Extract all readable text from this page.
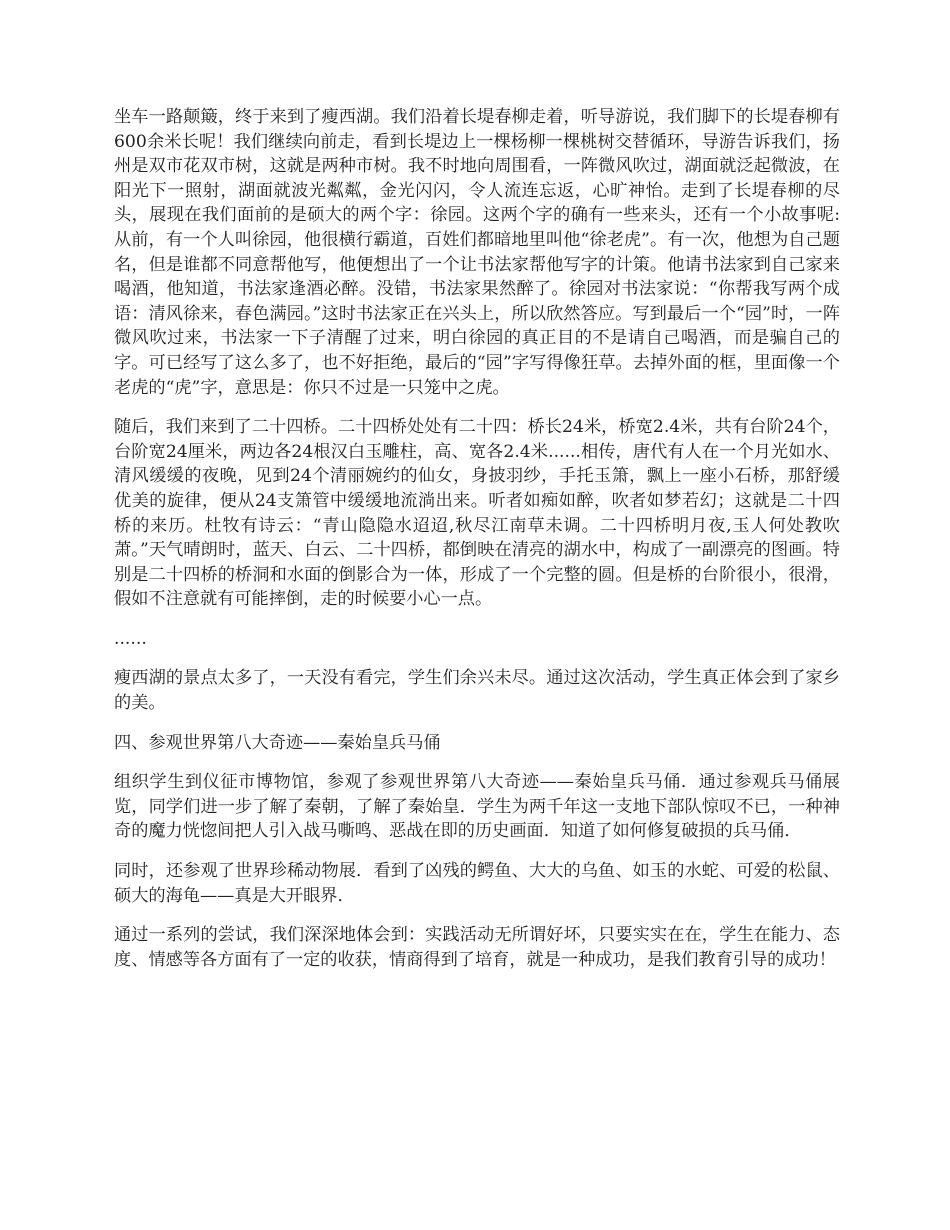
坐车一路颠簸，终于来到了瘦西湖。我们沿着长堤春柳走着，听导游说，我们脚下的长堤春柳有600余米长呢！我们继续向前走，看到长堤边上一棵杨柳一棵桃树交替循环，导游告诉我们，扬州是双市花双市树，这就是两种市树。我不时地向周围看，一阵微风吹过，湖面就泛起微波，在阳光下一照射，湖面就波光粼粼，金光闪闪，令人流连忘返，心旷神怡。走到了长堤春柳的尽头，展现在我们面前的是硕大的两个字：徐园。这两个字的确有一些来头，还有一个小故事呢:从前，有一个人叫徐园，他很横行霸道，百姓们都暗地里叫他“徐老虎”。有一次，他想为自己题名，但是谁都不同意帮他写，他便想出了一个让书法家帮他写字的计策。他请书法家到自己家来喝酒，他知道，书法家逢酒必醉。没错，书法家果然醉了。徐园对书法家说：“你帮我写两个成语：清风徐来，春色满园。”这时书法家正在兴头上，所以欣然答应。写到最后一个“园”时，一阵微风吹过来，书法家一下子清醒了过来，明白徐园的真正目的不是请自己喝酒，而是骗自己的字。可已经写了这么多了，也不好拒绝，最后的“园”字写得像狂草。去掉外面的框，里面像一个老虎的“虎”字，意思是：你只不过是一只笼中之虎。

随后，我们来到了二十四桥。二十四桥处处有二十四：桥长24米，桥宽2.4米，共有台阶24个，台阶宽24厘米，两边各24根汉白玉雕柱，高、宽各2.4米......相传，唐代有人在一个月光如水、清风缓缓的夜晚，见到24个清丽婉约的仙女，身披羽纱，手托玉箫，飘上一座小石桥，那舒缓优美的旋律，便从24支箫管中缓缓地流淌出来。听者如痴如醉，吹者如梦若幻；这就是二十四桥的来历。杜牧有诗云：“青山隐隐水迢迢,秋尽江南草未调。二十四桥明月夜,玉人何处教吹萧。”天气晴朗时，蓝天、白云、二十四桥，都倒映在清亮的湖水中，构成了一副漂亮的图画。特别是二十四桥的桥洞和水面的倒影合为一体，形成了一个完整的圆。但是桥的台阶很小，很滑，假如不注意就有可能摔倒，走的时候要小心一点。

......

瘦西湖的景点太多了，一天没有看完，学生们余兴未尽。通过这次活动，学生真正体会到了家乡的美。

四、参观世界第八大奇迹——秦始皇兵马俑

组织学生到仪征市博物馆，参观了参观世界第八大奇迹——秦始皇兵马俑．通过参观兵马俑展览，同学们进一步了解了秦朝，了解了秦始皇．学生为两千年这一支地下部队惊叹不已，一种神奇的魔力恍惚间把人引入战马嘶鸣、恶战在即的历史画面．知道了如何修复破损的兵马俑．

同时，还参观了世界珍稀动物展．看到了凶残的鳄鱼、大大的乌鱼、如玉的水蛇、可爱的松鼠、硕大的海龟——真是大开眼界．

通过一系列的尝试，我们深深地体会到：实践活动无所谓好坏，只要实实在在，学生在能力、态度、情感等各方面有了一定的收获，情商得到了培育，就是一种成功，是我们教育引导的成功！
